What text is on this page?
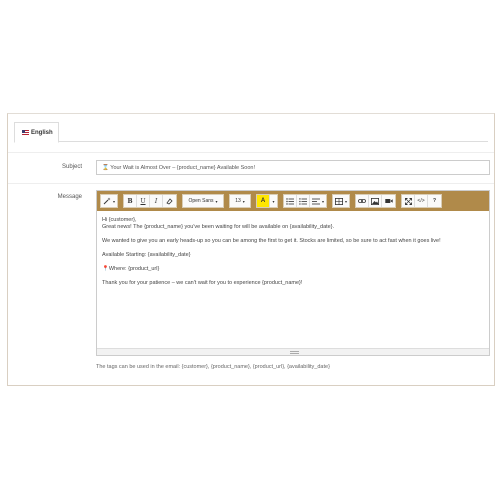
English
Subject	⌛ Your Wait is Almost Over – {product_name} Available Soon!
Message
▾	B	U	I	Open Sans ▾	13 ▾	A	▾	▾	▾	</> ?

Hi {customer},

Great news! The {product_name} you've been waiting for will be available on {availability_date}.

We wanted to give you an early heads-up so you can be among the first to get it. Stocks are limited, so be sure to act fast when it goes live!

Available Starting: {availability_date}

📍Where: {product_url}

Thank you for your patience – we can't wait for you to experience {product_name}!

The tags can be used in the email: {customer}, {product_name}, {product_url}, {availability_date}
